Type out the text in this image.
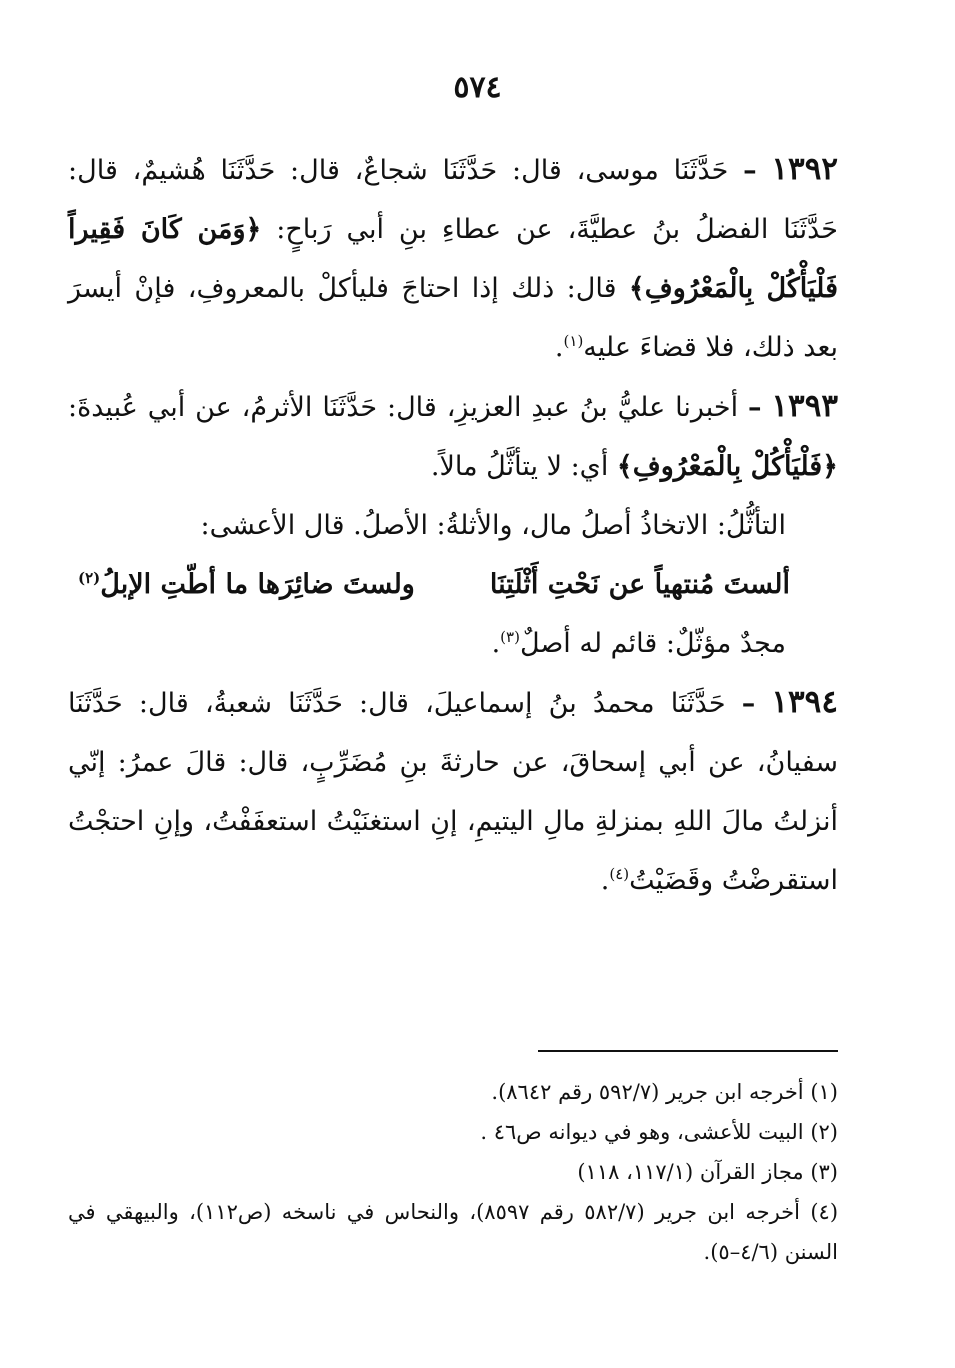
٥٧٤

١٣٩٢ – حَدَّثَنَا موسى، قال: حَدَّثَنَا شجاعٌ، قال: حَدَّثَنَا هُشيمٌ، قال: حَدَّثَنَا الفضلُ بنُ عطيَّةَ، عن عطاءِ بنِ أبي رَباحٍ: ﴿وَمَن كَانَ فَقِيراً فَلْيَأْكُلْ بِالْمَعْرُوفِ﴾ قال: ذلك إذا احتاجَ فليأكلْ بالمعروفِ، فإنْ أيسرَ بعد ذلك، فلا قضاءَ عليه$^{(١)}$.

١٣٩٣ – أخبرنا عليُّ بنُ عبدِ العزيزِ، قال: حَدَّثَنَا الأثرمُ، عن أبي عُبيدةَ: ﴿فَلْيَأْكُلْ بِالْمَعْرُوفِ﴾ أي: لا يتأثَّلُ مالاً.

التأثُّلُ: الاتخاذُ أصلُ مال، والأثلةُ: الأصلُ. قال الأعشى:

ألستَ مُنتهياً عن نَحْتِ أَثْلَتِنَا
ولستَ ضائِرَها ما أطّتِ الإبلُ$^{(٢)}$

مجدٌ مؤثّلٌ: قائم له أصلٌ$^{(٣)}$.

١٣٩٤ – حَدَّثَنَا محمدُ بنُ إسماعيلَ، قال: حَدَّثَنَا شعبةُ، قال: حَدَّثَنَا سفيانُ، عن أبي إسحاقَ، عن حارثةَ بنِ مُضَرِّبٍ، قال: قالَ عمرُ: إنّي أنزلتُ مالَ اللهِ بمنزلةِ مالِ اليتيمِ، إنِ استغنَيْتُ استعفَفْتُ، وإنِ احتجْتُ استقرضْتُ وقَضَيْتُ$^{(٤)}$.

(١) أخرجه ابن جرير (٥٩٢/٧ رقم ٨٦٤٢).

(٢) البيت للأعشى، وهو في ديوانه ص٤٦ .

(٣) مجاز القرآن (١١٧/١، ١١٨)

(٤) أخرجه ابن جرير (٥٨٢/٧ رقم ٨٥٩٧)، والنحاس في ناسخه (ص١١٢)، والبيهقي في السنن (٤/٦–٥).
